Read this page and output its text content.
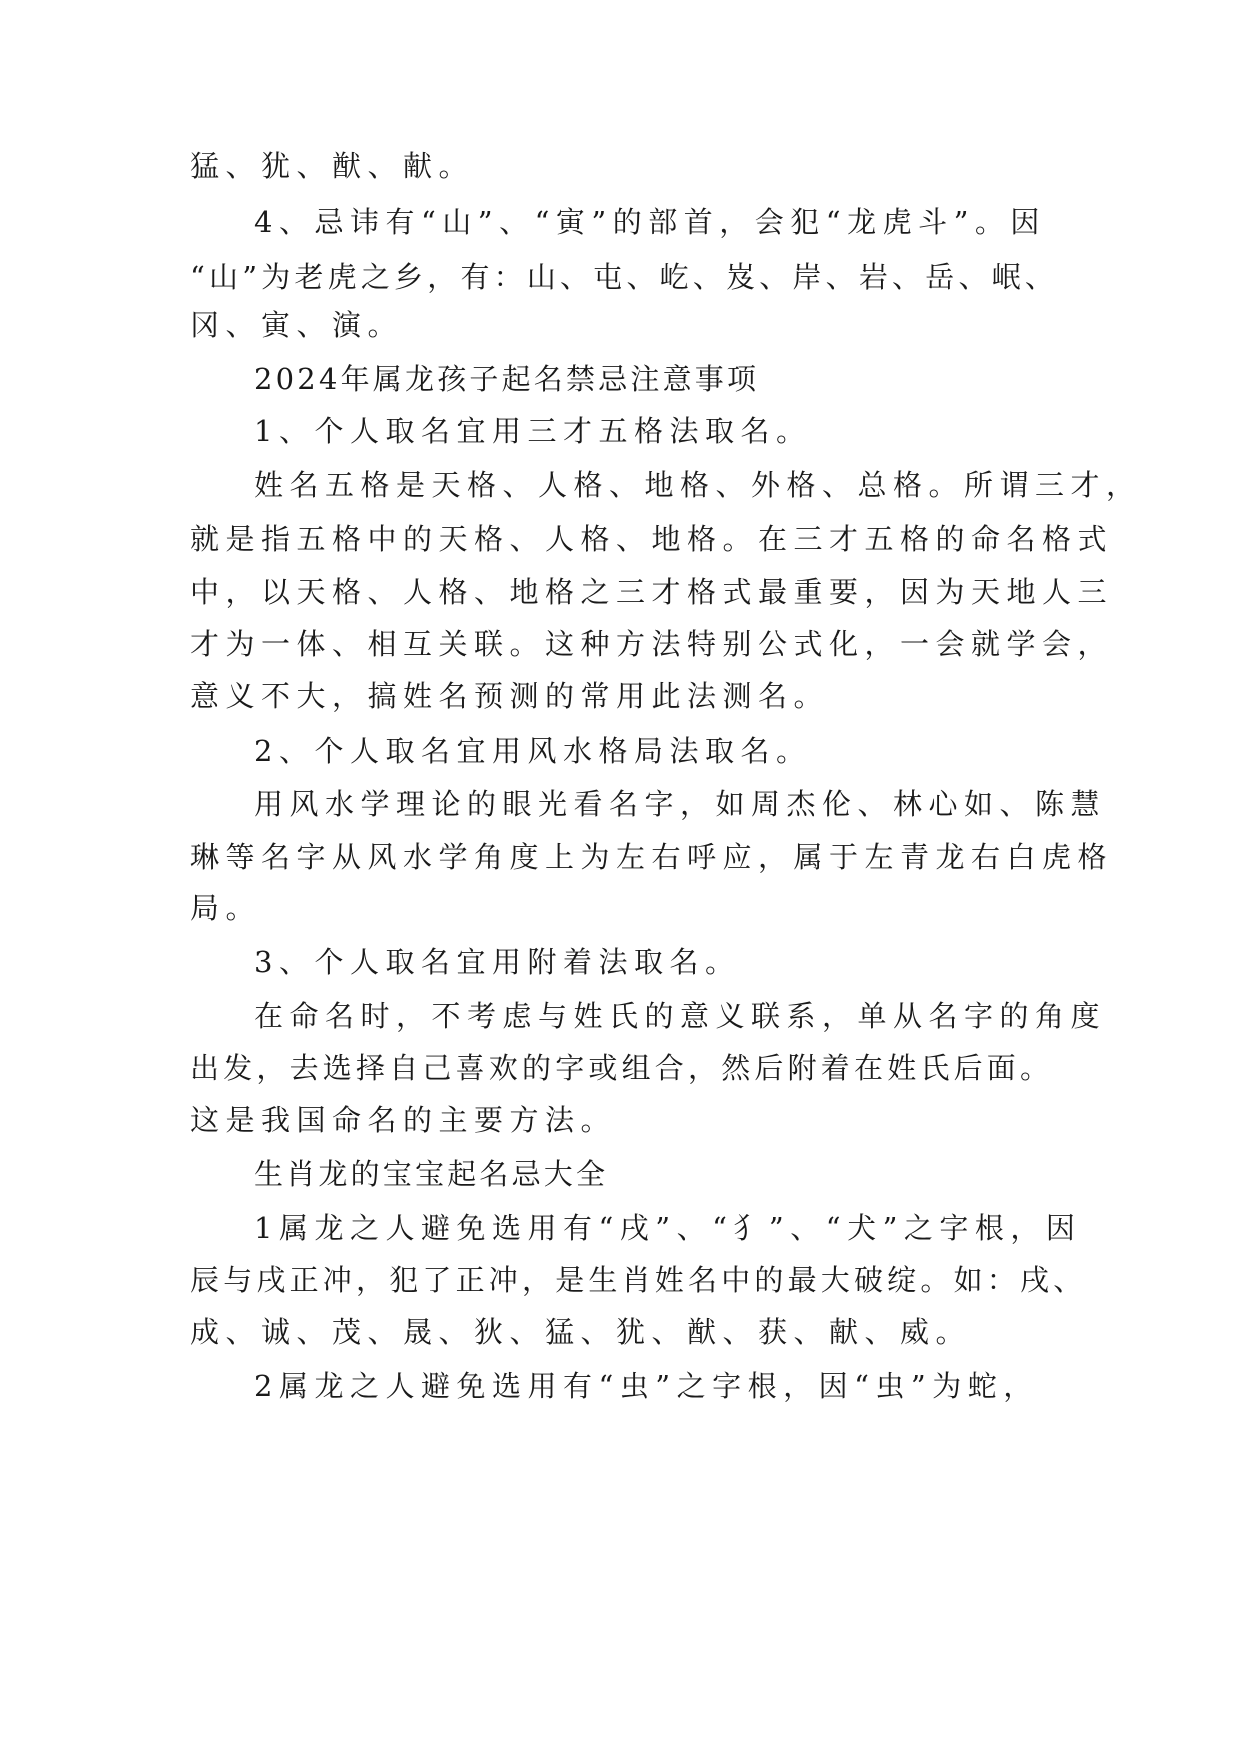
猛、犹、猷、献。
4、忌讳有“山”、“寅”的部首，会犯“龙虎斗”。因
“山”为老虎之乡，有：山、屯、屹、岌、岸、岩、岳、岷、
冈、寅、演。
2024年属龙孩子起名禁忌注意事项
1、个人取名宜用三才五格法取名。
姓名五格是天格、人格、地格、外格、总格。所谓三才，
就是指五格中的天格、人格、地格。在三才五格的命名格式
中，以天格、人格、地格之三才格式最重要，因为天地人三
才为一体、相互关联。这种方法特别公式化，一会就学会，
意义不大，搞姓名预测的常用此法测名。
2、个人取名宜用风水格局法取名。
用风水学理论的眼光看名字，如周杰伦、林心如、陈慧
琳等名字从风水学角度上为左右呼应，属于左青龙右白虎格
局。
3、个人取名宜用附着法取名。
在命名时，不考虑与姓氏的意义联系，单从名字的角度
出发，去选择自己喜欢的字或组合，然后附着在姓氏后面。
这是我国命名的主要方法。
生肖龙的宝宝起名忌大全
1属龙之人避免选用有“戌”、“犭”、“犬”之字根，因
辰与戌正冲，犯了正冲，是生肖姓名中的最大破绽。如：戌、
成、诚、茂、晟、狄、猛、犹、猷、获、献、威。
2属龙之人避免选用有“虫”之字根，因“虫”为蛇，
